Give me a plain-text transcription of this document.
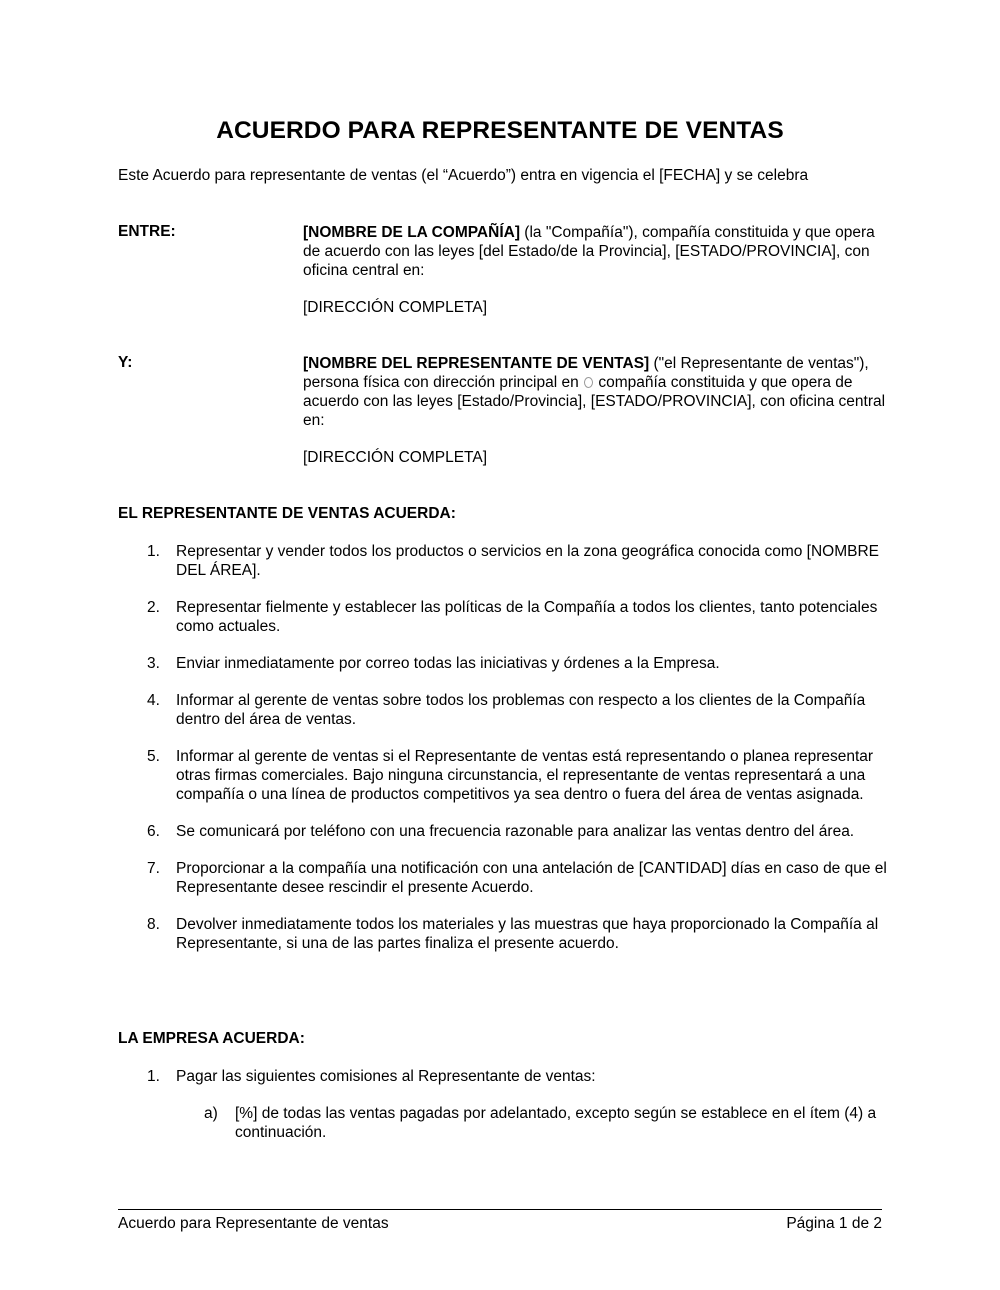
ACUERDO PARA REPRESENTANTE DE VENTAS
Este Acuerdo para representante de ventas (el “Acuerdo”) entra en vigencia el [FECHA] y se celebra
ENTRE:	[NOMBRE DE LA COMPAÑÍA] (la "Compañía"), compañía constituida y que opera de acuerdo con las leyes [del Estado/de la Provincia], [ESTADO/PROVINCIA], con oficina central en:

[DIRECCIÓN COMPLETA]

Y:	[NOMBRE DEL REPRESENTANTE DE VENTAS] ("el Representante de ventas"), persona física con dirección principal en  compañía constituida y que opera de acuerdo con las leyes [Estado/Provincia], [ESTADO/PROVINCIA], con oficina central en:

[DIRECCIÓN COMPLETA]

EL REPRESENTANTE DE VENTAS ACUERDA:
1. Representar y vender todos los productos o servicios en la zona geográfica conocida como [NOMBRE DEL ÁREA].
2. Representar fielmente y establecer las políticas de la Compañía a todos los clientes, tanto potenciales como actuales.
3. Enviar inmediatamente por correo todas las iniciativas y órdenes a la Empresa.
4. Informar al gerente de ventas sobre todos los problemas con respecto a los clientes de la Compañía dentro del área de ventas.
5. Informar al gerente de ventas si el Representante de ventas está representando o planea representar otras firmas comerciales. Bajo ninguna circunstancia, el representante de ventas representará a una compañía o una línea de productos competitivos ya sea dentro o fuera del área de ventas asignada.
6. Se comunicará por teléfono con una frecuencia razonable para analizar las ventas dentro del área.
7. Proporcionar a la compañía una notificación con una antelación de [CANTIDAD] días en caso de que el Representante desee rescindir el presente Acuerdo.
8. Devolver inmediatamente todos los materiales y las muestras que haya proporcionado la Compañía al Representante, si una de las partes finaliza el presente acuerdo.
LA EMPRESA ACUERDA:
1. Pagar las siguientes comisiones al Representante de ventas:
a) [%] de todas las ventas pagadas por adelantado, excepto según se establece en el ítem (4) a continuación.
Acuerdo para Representante de ventas	Página 1 de 2
